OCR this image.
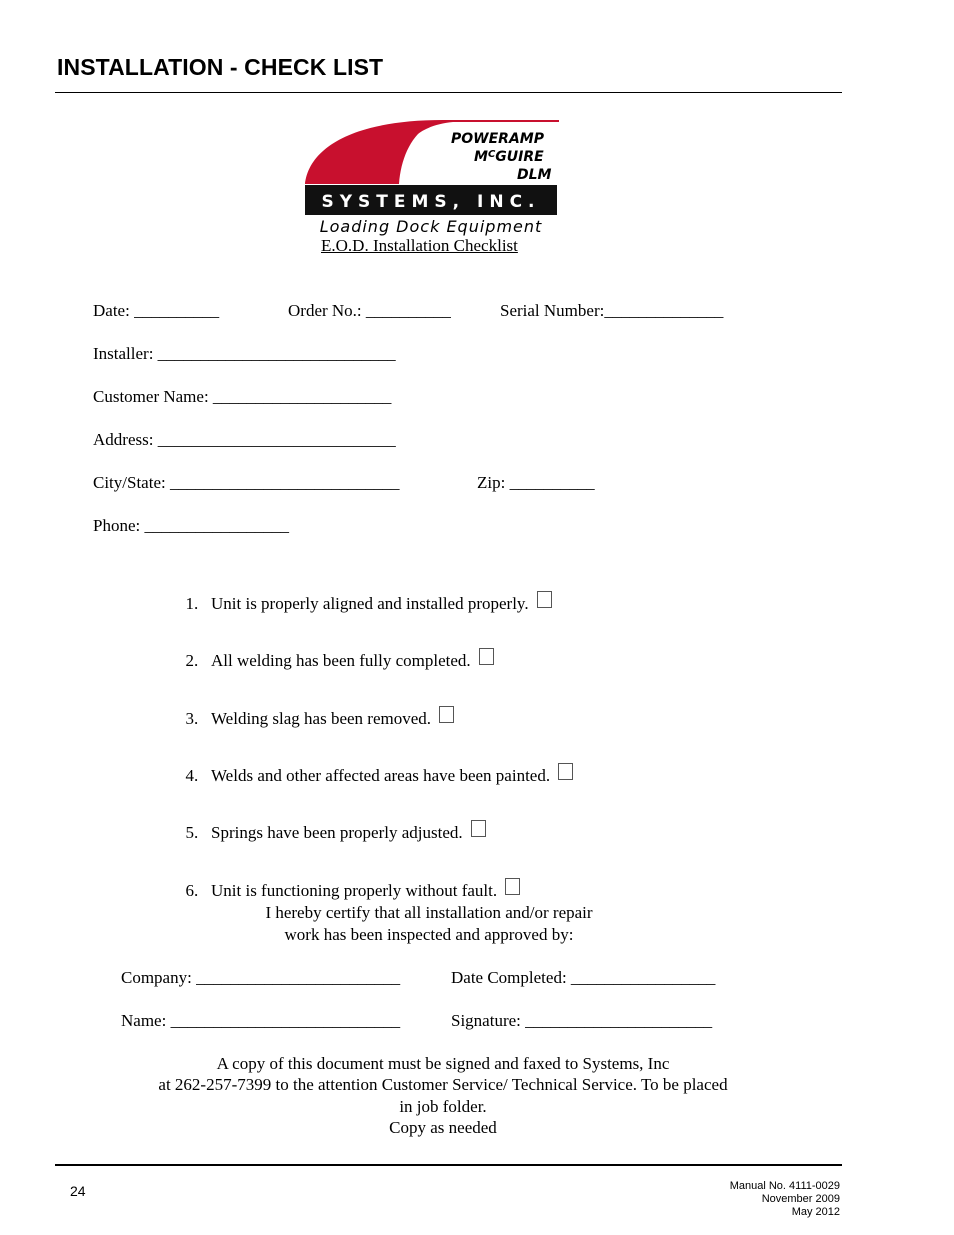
INSTALLATION - CHECK LIST
POWERAMP
$M^CGUIRE$
DLM
SYSTEMS, INC.
Loading Dock Equipment
E.O.D. Installation Checklist
Date: __________	Order No.: __________	Serial Number:______________
Installer: ____________________________
Customer Name: _____________________
Address: ____________________________
City/State: ___________________________	Zip: __________
Phone: _________________

1. Unit is properly aligned and installed properly.

2. All welding has been fully completed.

3. Welding slag has been removed.

4. Welds and other affected areas have been painted.

5. Springs have been properly adjusted.

6. Unit is functioning properly without fault.

I hereby certify that all installation and/or repair
work has been inspected and approved by:
Company: ________________________	Date Completed: _________________
Name: ___________________________	Signature: ______________________
A copy of this document must be signed and faxed to Systems, Inc
at 262-257-7399 to the attention Customer Service/ Technical Service. To be placed
in job folder.
Copy as needed
24	Manual No. 4111-0029
November 2009
May 2012
